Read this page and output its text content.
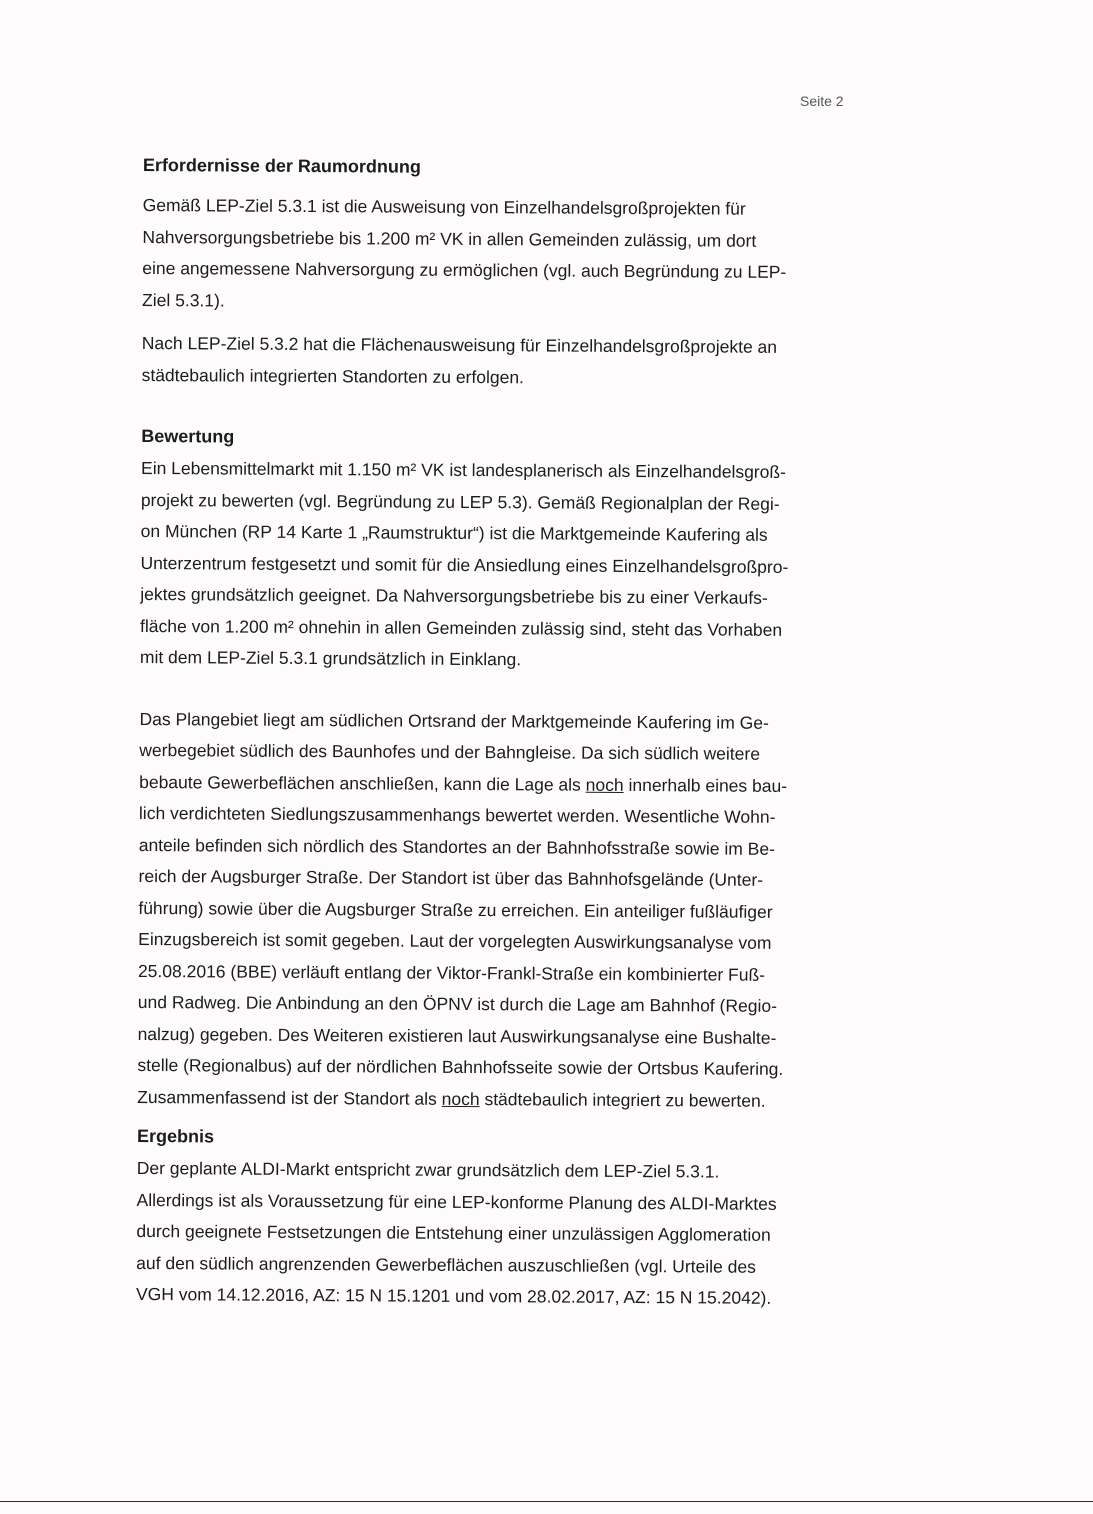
Seite 2

Erfordernisse der Raumordnung

Gemäß LEP-Ziel 5.3.1 ist die Ausweisung von Einzelhandelsgroßprojekten für
Nahversorgungsbetriebe bis 1.200 m² VK in allen Gemeinden zulässig, um dort
eine angemessene Nahversorgung zu ermöglichen (vgl. auch Begründung zu LEP-
Ziel 5.3.1).

Nach LEP-Ziel 5.3.2 hat die Flächenausweisung für Einzelhandelsgroßprojekte an
städtebaulich integrierten Standorten zu erfolgen.

Bewertung

Ein Lebensmittelmarkt mit 1.150 m² VK ist landesplanerisch als Einzelhandelsgroß-
projekt zu bewerten (vgl. Begründung zu LEP 5.3). Gemäß Regionalplan der Regi-
on München (RP 14 Karte 1 „Raumstruktur“) ist die Marktgemeinde Kaufering als
Unterzentrum festgesetzt und somit für die Ansiedlung eines Einzelhandelsgroßpro-
jektes grundsätzlich geeignet. Da Nahversorgungsbetriebe bis zu einer Verkaufs-
fläche von 1.200 m² ohnehin in allen Gemeinden zulässig sind, steht das Vorhaben
mit dem LEP-Ziel 5.3.1 grundsätzlich in Einklang.

Das Plangebiet liegt am südlichen Ortsrand der Marktgemeinde Kaufering im Ge-
werbegebiet südlich des Baunhofes und der Bahngleise. Da sich südlich weitere
bebaute Gewerbeflächen anschließen, kann die Lage als noch innerhalb eines bau-
lich verdichteten Siedlungszusammenhangs bewertet werden. Wesentliche Wohn-
anteile befinden sich nördlich des Standortes an der Bahnhofsstraße sowie im Be-
reich der Augsburger Straße. Der Standort ist über das Bahnhofsgelände (Unter-
führung) sowie über die Augsburger Straße zu erreichen. Ein anteiliger fußläufiger
Einzugsbereich ist somit gegeben. Laut der vorgelegten Auswirkungsanalyse vom
25.08.2016 (BBE) verläuft entlang der Viktor-Frankl-Straße ein kombinierter Fuß-
und Radweg. Die Anbindung an den ÖPNV ist durch die Lage am Bahnhof (Regio-
nalzug) gegeben. Des Weiteren existieren laut Auswirkungsanalyse eine Bushalte-
stelle (Regionalbus) auf der nördlichen Bahnhofsseite sowie der Ortsbus Kaufering.
Zusammenfassend ist der Standort als noch städtebaulich integriert zu bewerten.

Ergebnis

Der geplante ALDI-Markt entspricht zwar grundsätzlich dem LEP-Ziel 5.3.1.
Allerdings ist als Voraussetzung für eine LEP-konforme Planung des ALDI-Marktes
durch geeignete Festsetzungen die Entstehung einer unzulässigen Agglomeration
auf den südlich angrenzenden Gewerbeflächen auszuschließen (vgl. Urteile des
VGH vom 14.12.2016, AZ: 15 N 15.1201 und vom 28.02.2017, AZ: 15 N 15.2042).
